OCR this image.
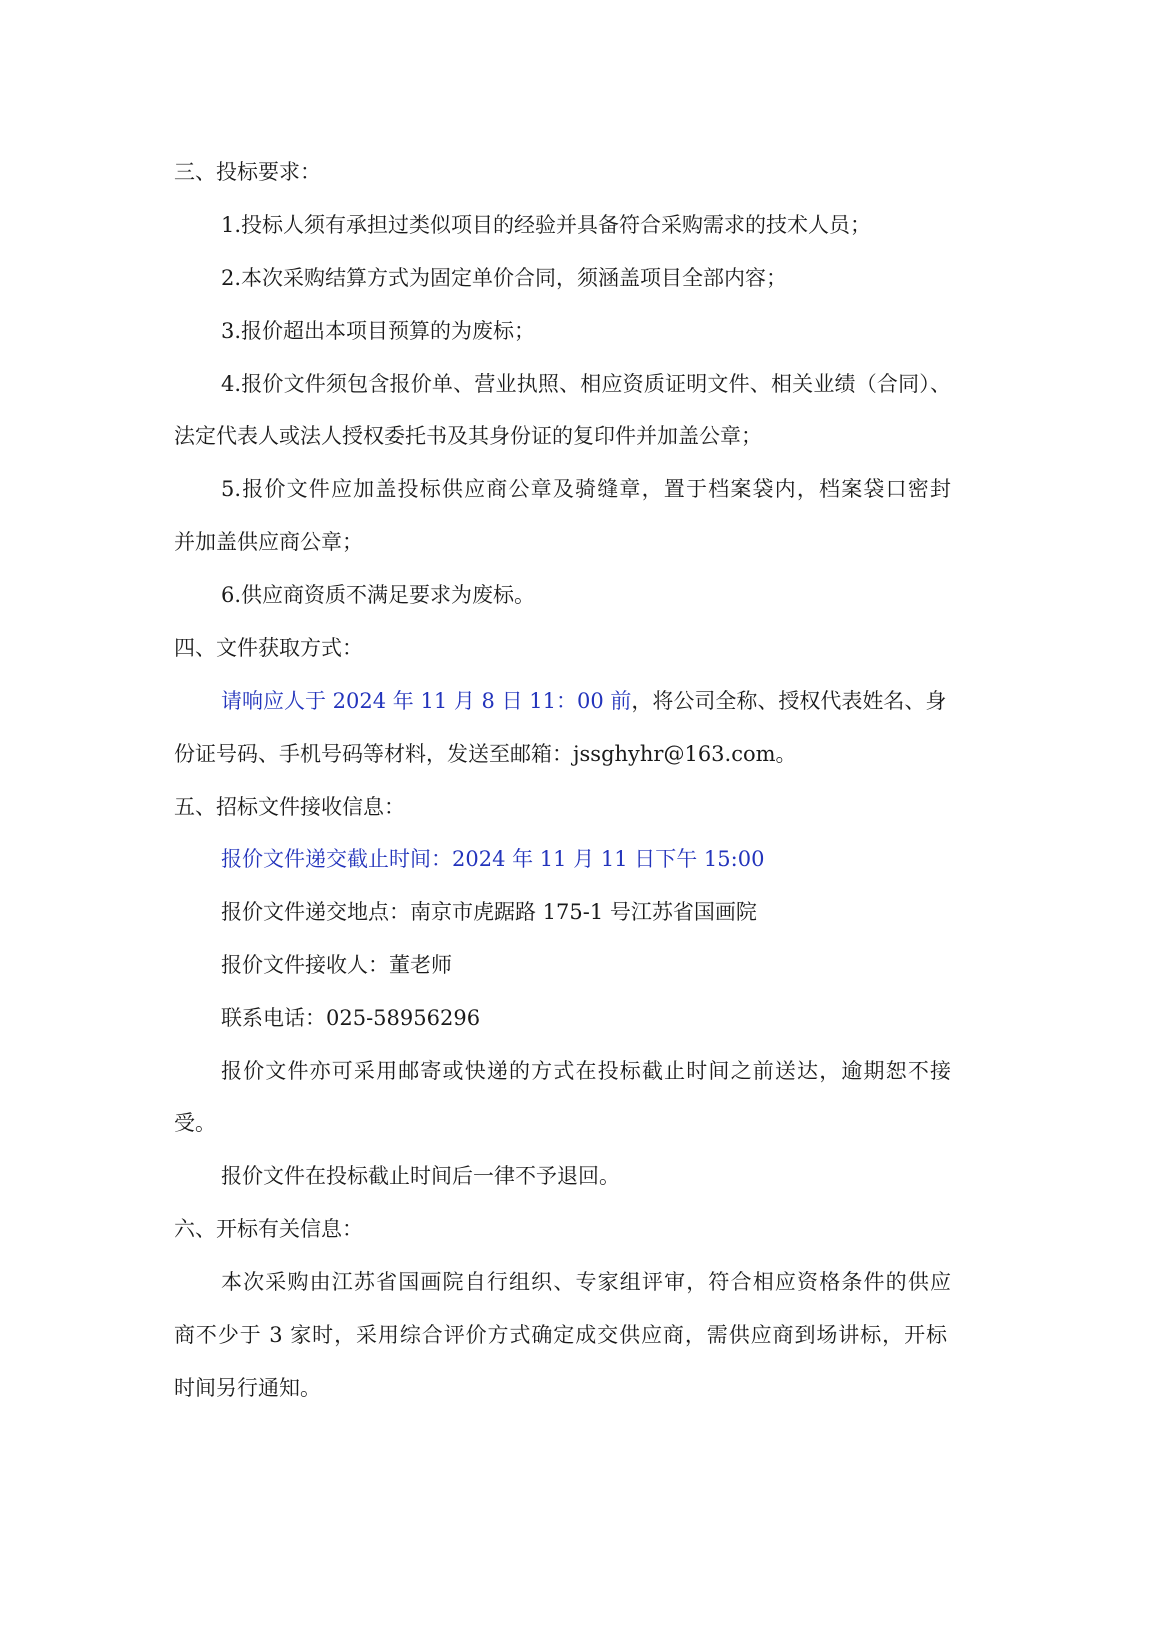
三、投标要求：
1.投标人须有承担过类似项目的经验并具备符合采购需求的技术人员；
2.本次采购结算方式为固定单价合同，须涵盖项目全部内容；
3.报价超出本项目预算的为废标；
4.报价文件须包含报价单、营业执照、相应资质证明文件、相关业绩（合同）、
法定代表人或法人授权委托书及其身份证的复印件并加盖公章；
5.报价文件应加盖投标供应商公章及骑缝章，置于档案袋内，档案袋口密封
并加盖供应商公章；
6.供应商资质不满足要求为废标。
四、文件获取方式：
请响应人于 2024 年 11 月 8 日 11：00 前，将公司全称、授权代表姓名、身
份证号码、手机号码等材料，发送至邮箱：jssghyhr@163.com。
五、招标文件接收信息：
报价文件递交截止时间：2024 年 11 月 11 日下午 15:00
报价文件递交地点：南京市虎踞路 175-1 号江苏省国画院
报价文件接收人：董老师
联系电话：025-58956296
报价文件亦可采用邮寄或快递的方式在投标截止时间之前送达，逾期恕不接
受。
报价文件在投标截止时间后一律不予退回。
六、开标有关信息：
本次采购由江苏省国画院自行组织、专家组评审，符合相应资格条件的供应
商不少于 3 家时，采用综合评价方式确定成交供应商，需供应商到场讲标，开标
时间另行通知。
